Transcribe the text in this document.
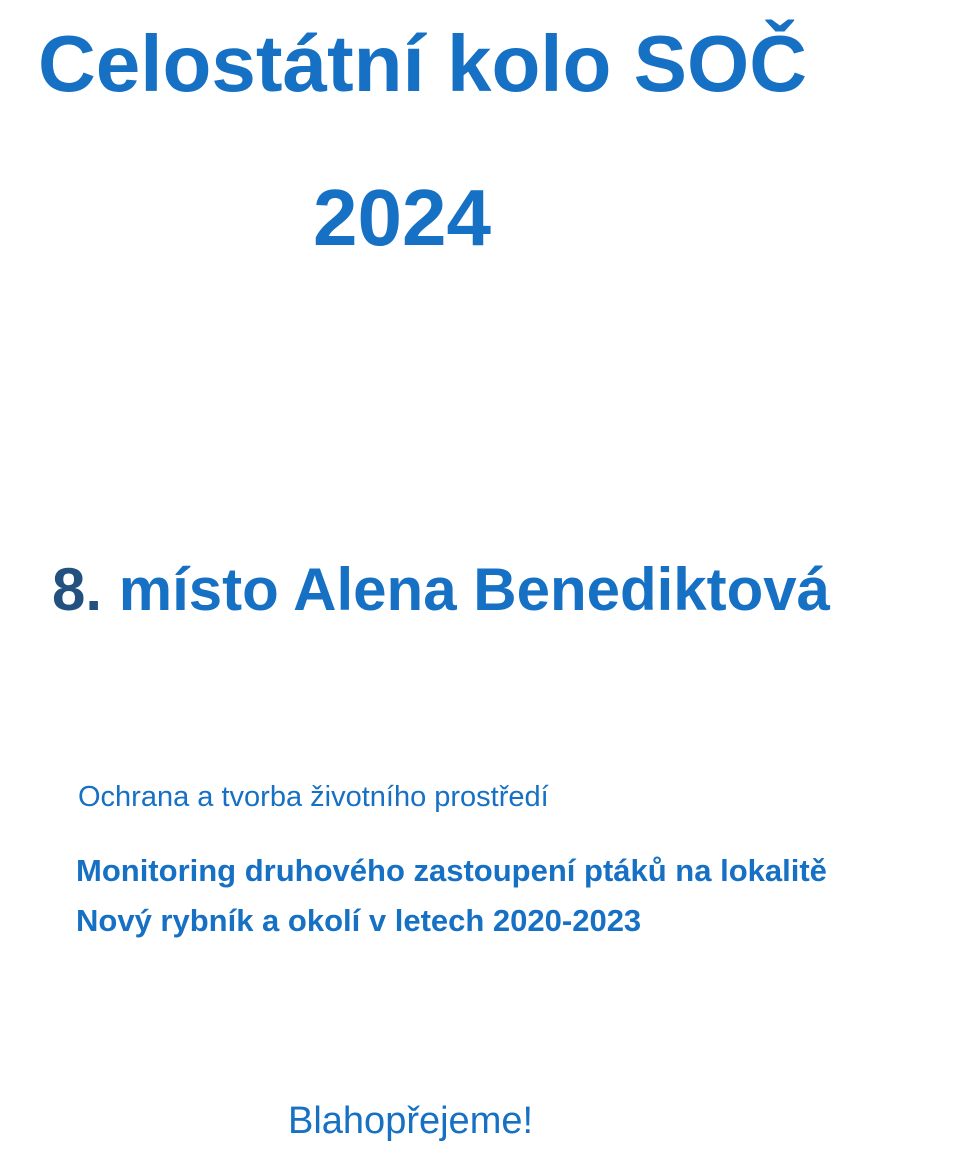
Celostátní kolo SOČ
2024
8. místo Alena Benediktová

Ochrana a tvorba životního prostředí

Monitoring druhového zastoupení ptáků na lokalitě

Nový rybník a okolí v letech 2020-2023

Blahopřejeme!
